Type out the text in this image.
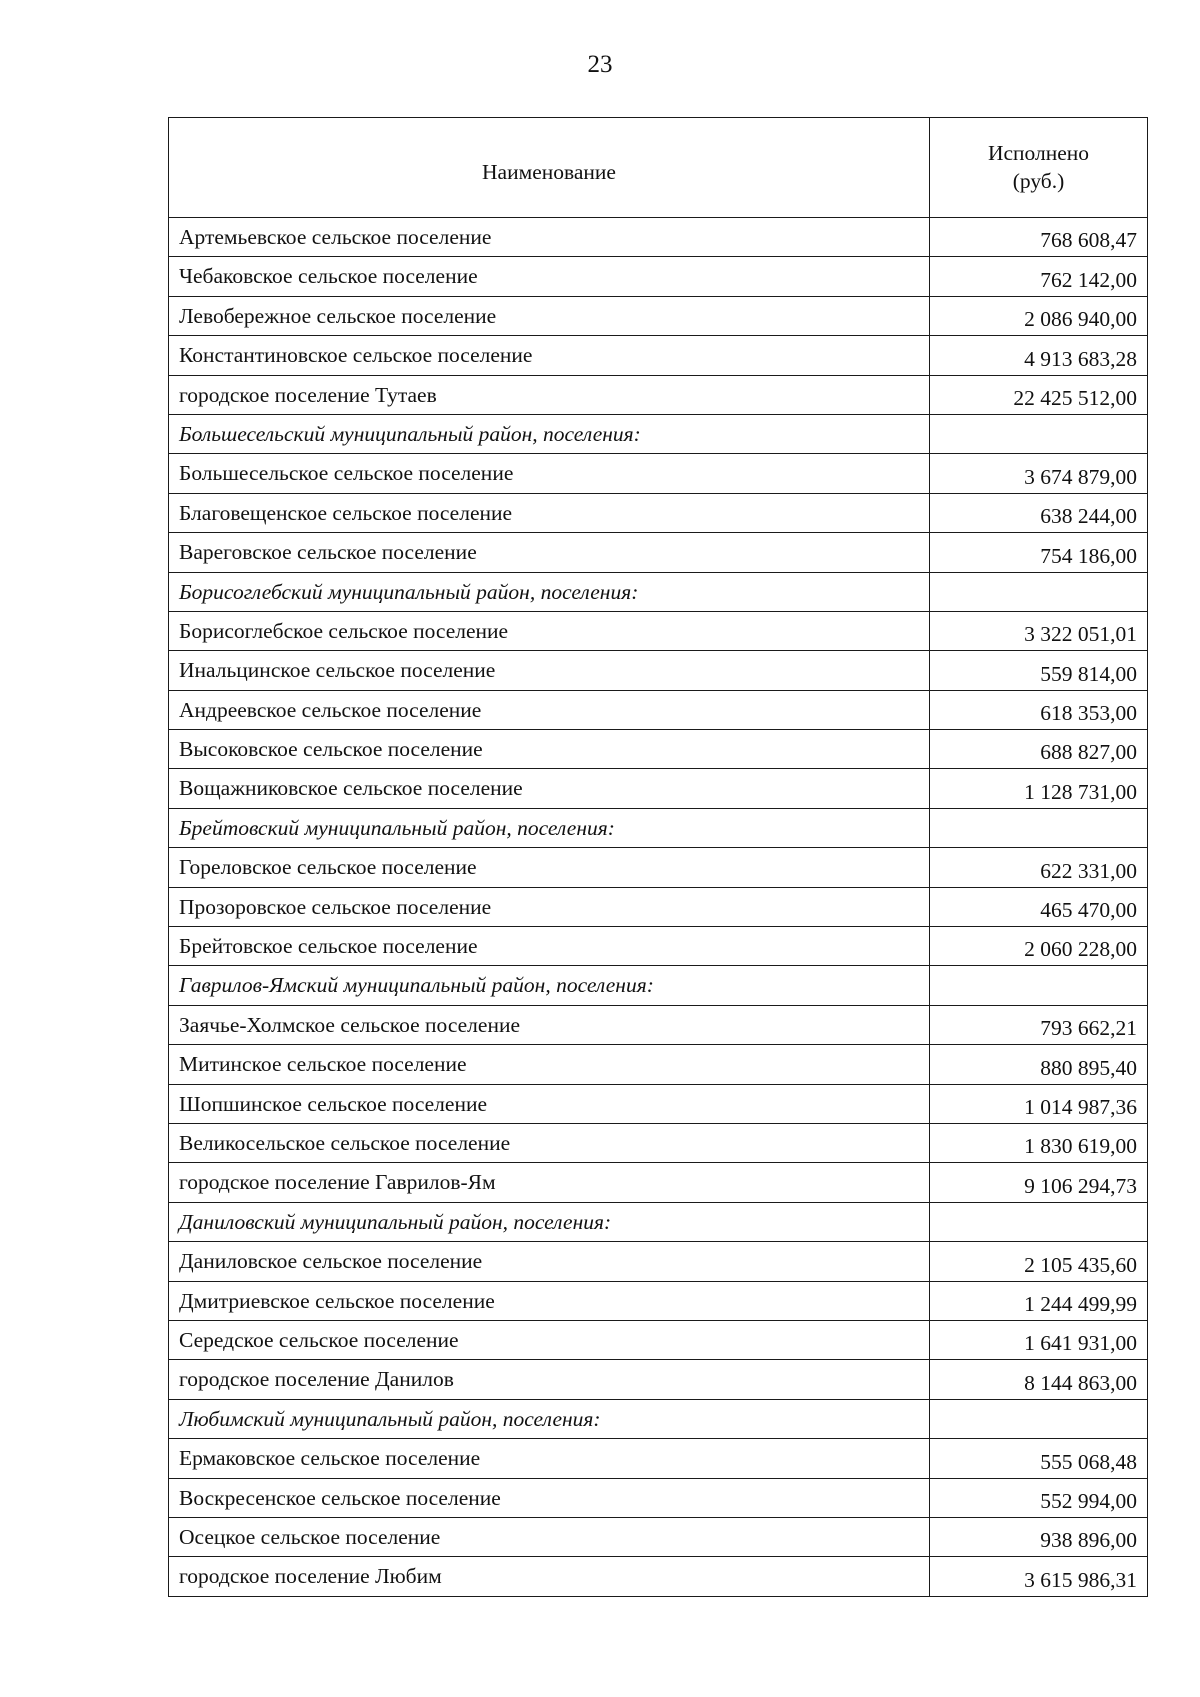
23
Наименование	Исполнено
(руб.)
Артемьевское сельское поселение	768 608,47
Чебаковское сельское поселение	762 142,00
Левобережное сельское поселение	2 086 940,00
Константиновское сельское поселение	4 913 683,28
городское поселение Тутаев	22 425 512,00
Большесельский муниципальный район, поселения:	
Большесельское сельское поселение	3 674 879,00
Благовещенское сельское поселение	638 244,00
Вареговское сельское поселение	754 186,00
Борисоглебский муниципальный район, поселения:	
Борисоглебское сельское поселение	3 322 051,01
Инальцинское сельское поселение	559 814,00
Андреевское сельское поселение	618 353,00
Высоковское сельское поселение	688 827,00
Вощажниковское сельское поселение	1 128 731,00
Брейтовский муниципальный район, поселения:	
Гореловское сельское поселение	622 331,00
Прозоровское сельское поселение	465 470,00
Брейтовское сельское поселение	2 060 228,00
Гаврилов-Ямский муниципальный район, поселения:	
Заячье-Холмское сельское поселение	793 662,21
Митинское сельское поселение	880 895,40
Шопшинское сельское поселение	1 014 987,36
Великосельское сельское поселение	1 830 619,00
городское поселение Гаврилов-Ям	9 106 294,73
Даниловский муниципальный район, поселения:	
Даниловское сельское поселение	2 105 435,60
Дмитриевское сельское поселение	1 244 499,99
Середское сельское поселение	1 641 931,00
городское поселение Данилов	8 144 863,00
Любимский муниципальный район, поселения:	
Ермаковское сельское поселение	555 068,48
Воскресенское сельское поселение	552 994,00
Осецкое сельское поселение	938 896,00
городское поселение Любим	3 615 986,31
